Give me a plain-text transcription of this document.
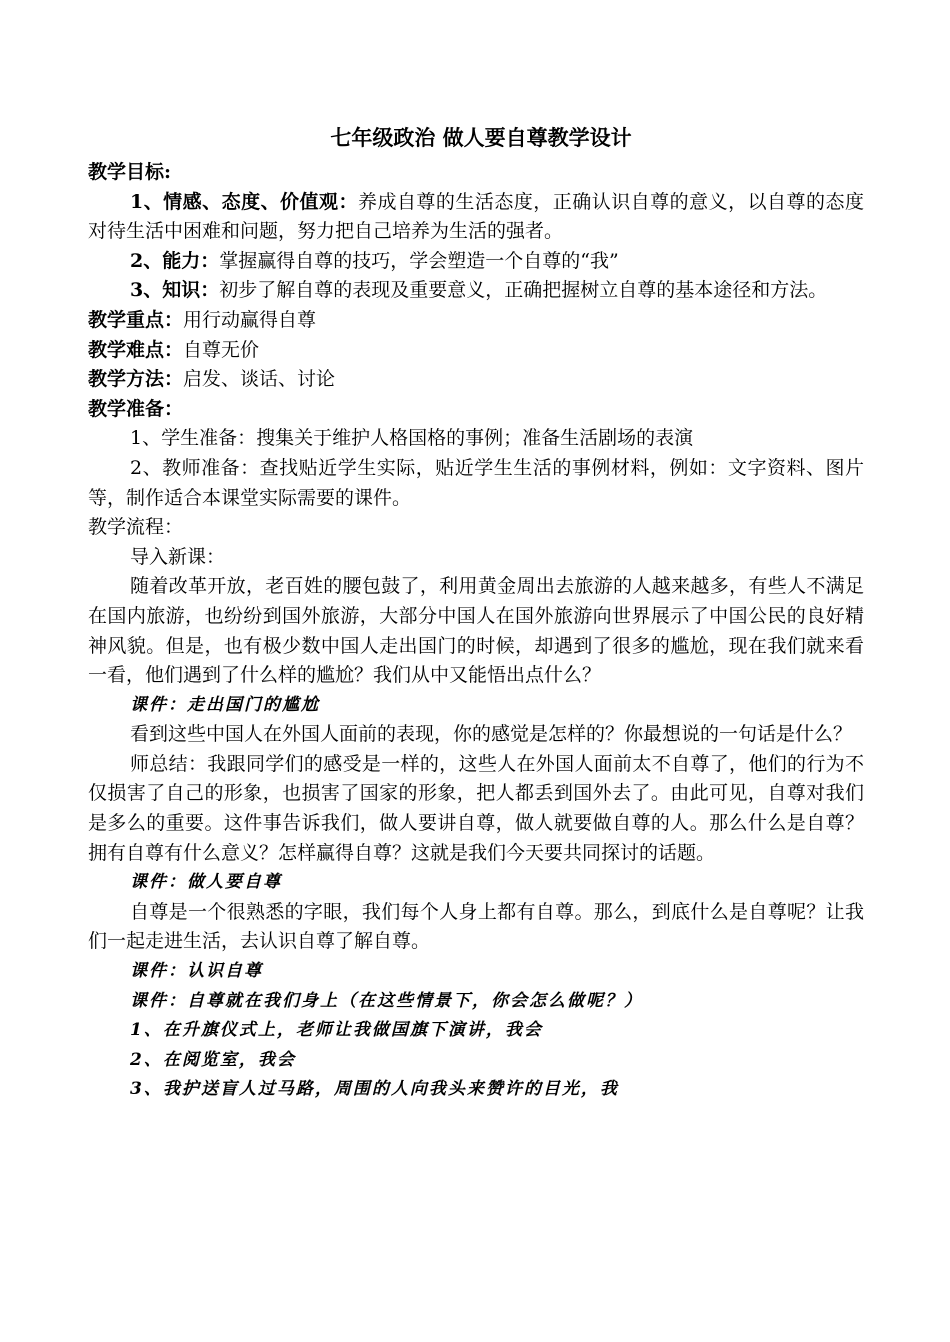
七年级政治 做人要自尊教学设计

教学目标:

1、情感、态度、价值观：养成自尊的生活态度，正确认识自尊的意义，以自尊的态度对待生活中困难和问题，努力把自己培养为生活的强者。

2、能力：掌握赢得自尊的技巧，学会塑造一个自尊的“我”

3、知识：初步了解自尊的表现及重要意义，正确把握树立自尊的基本途径和方法。

教学重点：用行动赢得自尊

教学难点：自尊无价

教学方法：启发、谈话、讨论

教学准备：

1、学生准备：搜集关于维护人格国格的事例；准备生活剧场的表演

2、教师准备：查找贴近学生实际，贴近学生生活的事例材料，例如：文字资料、图片等，制作适合本课堂实际需要的课件。

教学流程：

导入新课：

随着改革开放，老百姓的腰包鼓了，利用黄金周出去旅游的人越来越多，有些人不满足在国内旅游，也纷纷到国外旅游，大部分中国人在国外旅游向世界展示了中国公民的良好精神风貌。但是，也有极少数中国人走出国门的时候，却遇到了很多的尴尬，现在我们就来看一看，他们遇到了什么样的尴尬？我们从中又能悟出点什么？

课件：走出国门的尴尬

看到这些中国人在外国人面前的表现，你的感觉是怎样的？你最想说的一句话是什么？

师总结：我跟同学们的感受是一样的，这些人在外国人面前太不自尊了，他们的行为不仅损害了自己的形象，也损害了国家的形象，把人都丢到国外去了。由此可见，自尊对我们是多么的重要。这件事告诉我们，做人要讲自尊，做人就要做自尊的人。那么什么是自尊？拥有自尊有什么意义？怎样赢得自尊？这就是我们今天要共同探讨的话题。

课件：做人要自尊

自尊是一个很熟悉的字眼，我们每个人身上都有自尊。那么，到底什么是自尊呢？让我们一起走进生活，去认识自尊了解自尊。

课件：认识自尊

课件：自尊就在我们身上（在这些情景下，你会怎么做呢？）

1、在升旗仪式上，老师让我做国旗下演讲，我会

2、在阅览室，我会

3、我护送盲人过马路，周围的人向我头来赞许的目光，我
